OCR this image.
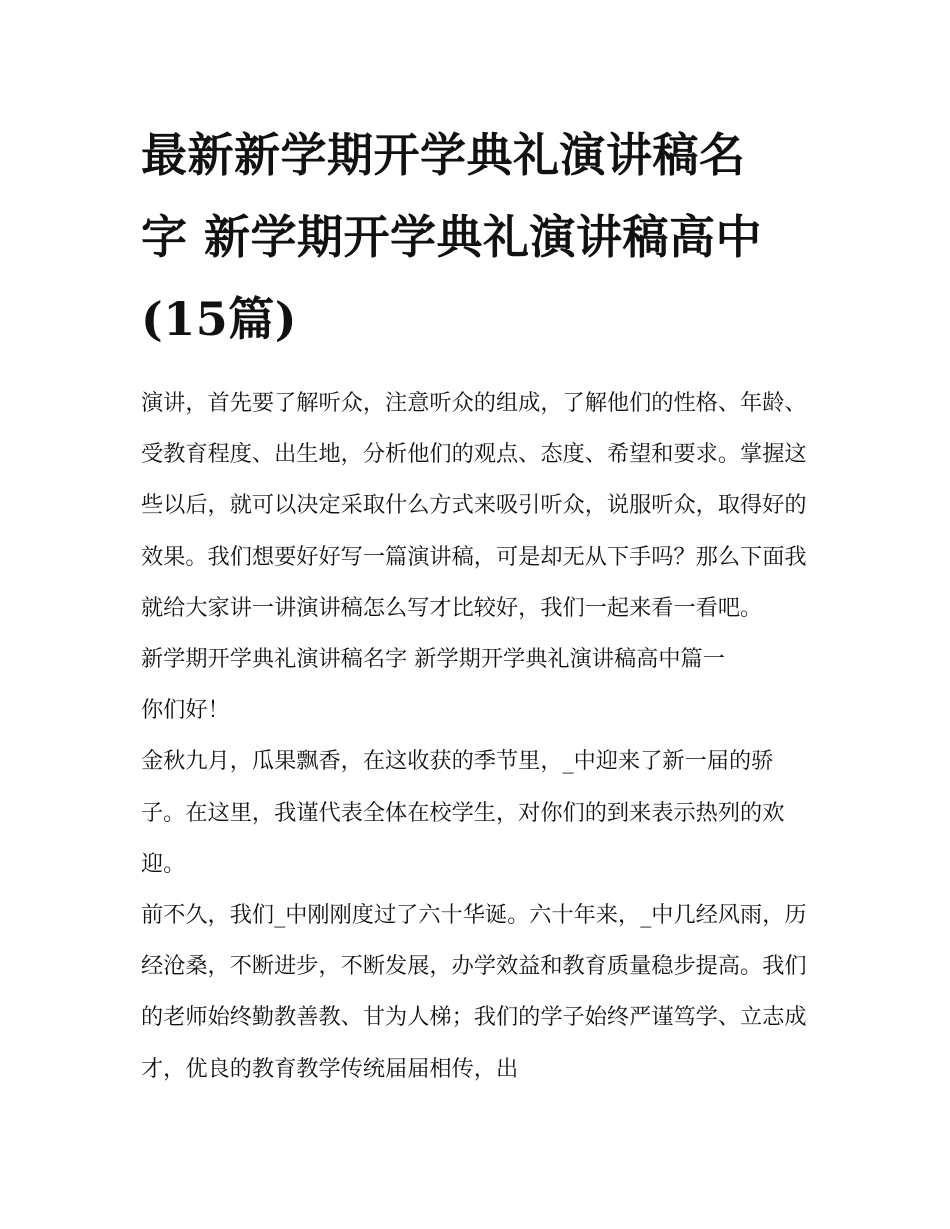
最新新学期开学典礼演讲稿名
字 新学期开学典礼演讲稿高中
(15篇)

演讲，首先要了解听众，注意听众的组成，了解他们的性格、年龄、受教育程度、出生地，分析他们的观点、态度、希望和要求。掌握这些以后，就可以决定采取什么方式来吸引听众，说服听众，取得好的效果。我们想要好好写一篇演讲稿，可是却无从下手吗？那么下面我就给大家讲一讲演讲稿怎么写才比较好，我们一起来看一看吧。

新学期开学典礼演讲稿名字 新学期开学典礼演讲稿高中篇一

你们好！

金秋九月，瓜果飘香，在这收获的季节里，_中迎来了新一届的骄子。在这里，我谨代表全体在校学生，对你们的到来表示热列的欢迎。

前不久，我们_中刚刚度过了六十华诞。六十年来，_中几经风雨，历经沧桑，不断进步，不断发展，办学效益和教育质量稳步提高。我们的老师始终勤教善教、甘为人梯；我们的学子始终严谨笃学、立志成才，优良的教育教学传统届届相传，出
